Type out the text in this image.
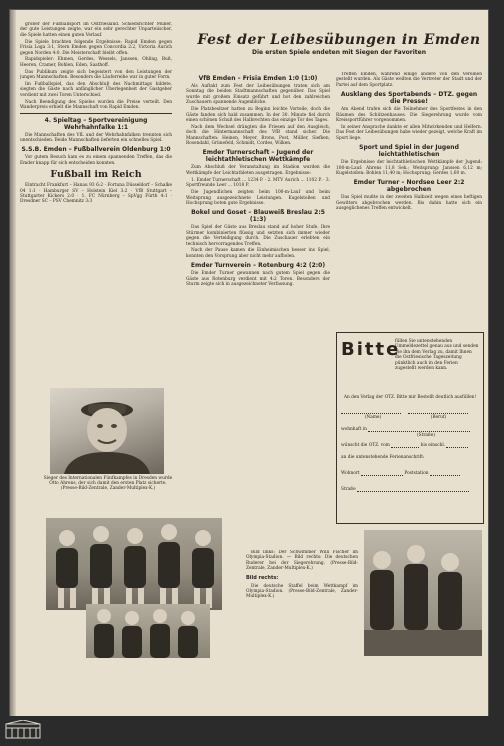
größer der Fußballsport im Ostfriesland. Schiedsrichter Müller, der gute Leistungen zeigte, war ein sehr gerechter Unparteiischer, die Spiele hatten einen guten Verlauf.

Die Spiele brachten folgende Ergebnisse: Rapid Emden gegen Frisia Loga 3:1, Stern Emden gegen Concordia 2:2, Victoria Aurich gegen Norden 4:0. Die Meisterschaft bleibt offen.

Rapidspieler: Ehmen, Gerdes, Wessels, Janssen, Ohling, Buß, Heeren, Cramer, Bohlen, Eden, Saathoff.

Das Publikum zeigte sich begeistert von den Leistungen der jungen Mannschaften. Besonders die Läuferreihe war in guter Form.

Im Fußballspiel, das den Abschluß des Nachmittags bildete, siegten die Gäste nach anfänglicher Überlegenheit der Gastgeber verdient mit zwei Toren Unterschied.

Nach Beendigung des Spieles wurden die Preise verteilt. Den Wanderpreis erhielt die Mannschaft von Rapid Emden.

4. Spieltag – Sportvereinigung Wehrhahnfalke 1:1

Die Mannschaften des VfL und der Wehrhahnfalken trennten sich unentschieden. Beide Mannschaften lieferten ein schnelles Spiel.

S.S.B. Emden – Fußballverein Oldenburg 1:0

Vor gutem Besuch kam es zu einem spannenden Treffen, das die Emder knapp für sich entscheiden konnten.

Fußball im Reich

Eintracht Frankfurt – Hanau 93 6:2 · Fortuna Düsseldorf – Schalke 04 1:1 · Hamburger SV – Holstein Kiel 3:2 · VfB Stuttgart – Stuttgarter Kickers 2:0 · 1. FC Nürnberg – SpVgg Fürth 4:1 · Dresdner SC – PSV Chemnitz 3:3

Sieger des Internationalen Fünfkampfes in Dresden wurde Otto Ahrens, der sich damit den ersten Platz sicherte. (Presse-Bild-Zentrale, Zander-Multiplex-K.)
Fest der Leibesübungen in Emden
Die ersten Spiele endeten mit Siegen der Favoriten
VfB Emden – Frisia Emden 1:0 (1:0)

Als Auftakt zum Fest der Leibesübungen traten sich am Sonntag die beiden Stadtmannschaften gegenüber. Das Spiel wurde mit großem Einsatz geführt und bot den zahlreichen Zuschauern spannende Augenblicke.

Die Platzbesitzer hatten zu Beginn leichte Vorteile, doch die Gäste fanden sich bald zusammen. In der 30. Minute fiel durch einen schönen Schuß des Halbrechten das einzige Tor des Tages.

Nach dem Wechsel drängten die Friesen auf den Ausgleich, doch die Hintermannschaft des VfB stand sicher. Die Mannschaften: Heinen, Meyer, Brons, Post, Müller, Siefken, Rosendahl, Grünefeld, Schmidt, Cordes, Wilken.

Emder Turnerschaft – Jugend der leichtathletischen Wettkämpfe

Zum Abschluß der Veranstaltung im Stadion wurden die Wettkämpfe der Leichtathleten ausgetragen. Ergebnisse:

1. Emder Turnerschaft ... 1234 P. · 2. MTV Aurich ... 1102 P. · 3. Sportfreunde Leer ... 1018 P.

Die Jugendlichen zeigten beim 100-m-Lauf und beim Weitsprung ausgezeichnete Leistungen. Kugelstoßen und Hochsprung boten gute Ergebnisse.

Bokel und Goset – Blauweiß Breslau 2:5 (1:3)

Das Spiel der Gäste aus Breslau stand auf hoher Stufe. Ihre Stürmer kombinierten flüssig und setzten sich immer wieder gegen die Verteidigung durch. Die Zuschauer erlebten ein technisch hervorragendes Treffen.

Nach der Pause kamen die Einheimischen besser ins Spiel, konnten den Vorsprung aber nicht mehr aufholen.

Emder Turnverein – Rotenburg 4:2 (2:0)

Die Emder Turner gewannen nach gutem Spiel gegen die Gäste aus Rotenburg verdient mit 4:2 Toren. Besonders der Sturm zeigte sich in ausgezeichneter Verfassung.

Treffen Emden, während einige andere von den Vereinen gestellt wurden. Als Gäste weilten die Vertreter der Stadt und der Partei auf dem Sportplatz.

Ausklang des Sportabends – DTZ. gegen die Presse!

Am Abend trafen sich die Teilnehmer des Sportfestes in den Räumen des Schützenhauses. Die Siegerehrung wurde vom Kreissportführer vorgenommen.

In seiner Ansprache dankte er allen Mitwirkenden und Helfern. Das Fest der Leibesübungen habe wieder gezeigt, welche Kraft im Sport liege.

Sport und Spiel in der Jugend leichtathletischen

Die Ergebnisse der leichtathletischen Wettkämpfe der Jugend: 100-m-Lauf: Ahrens 11,8 Sek.; Weitsprung: Janssen 6,12 m; Kugelstoßen: Bohlen 11,40 m; Hochsprung: Gerdes 1,60 m.

Emder Turner – Nordsee Leer 2:2 abgebrochen

Das Spiel mußte in der zweiten Halbzeit wegen eines heftigen Gewitters abgebrochen werden. Bis dahin hatte sich ein ausgeglichenes Treffen entwickelt.

Bitte
füllen Sie untenstehenden Ummeldezettel genau aus und senden Sie ihn dem Verlag zu, damit Ihnen die Ostfriesische Tageszeitung pünktlich auch in den Ferien zugestellt werden kann.
An den Verlag der OTZ. Bitte mir Bestellt deutlich ausfüllen!

(Name)	(Beruf)
wohnhaft in
(Straße)
wünscht die OTZ. vom	bis einschl.
an die untenstehende Ferienanschrift:
Wohnort	Poststation
Straße

Bild links: Der Schwimmer Willi Fischer im Olympia-Stadion. — Bild rechts: Die deutschen Ruderer bei der Siegerehrung. (Presse-Bild-Zentrale, Zander-Multiplex-K.)

Bild rechts:

Die deutsche Staffel beim Wettkampf im Olympia-Stadion. (Presse-Bild-Zentrale, Zander-Multiplex-K.)
